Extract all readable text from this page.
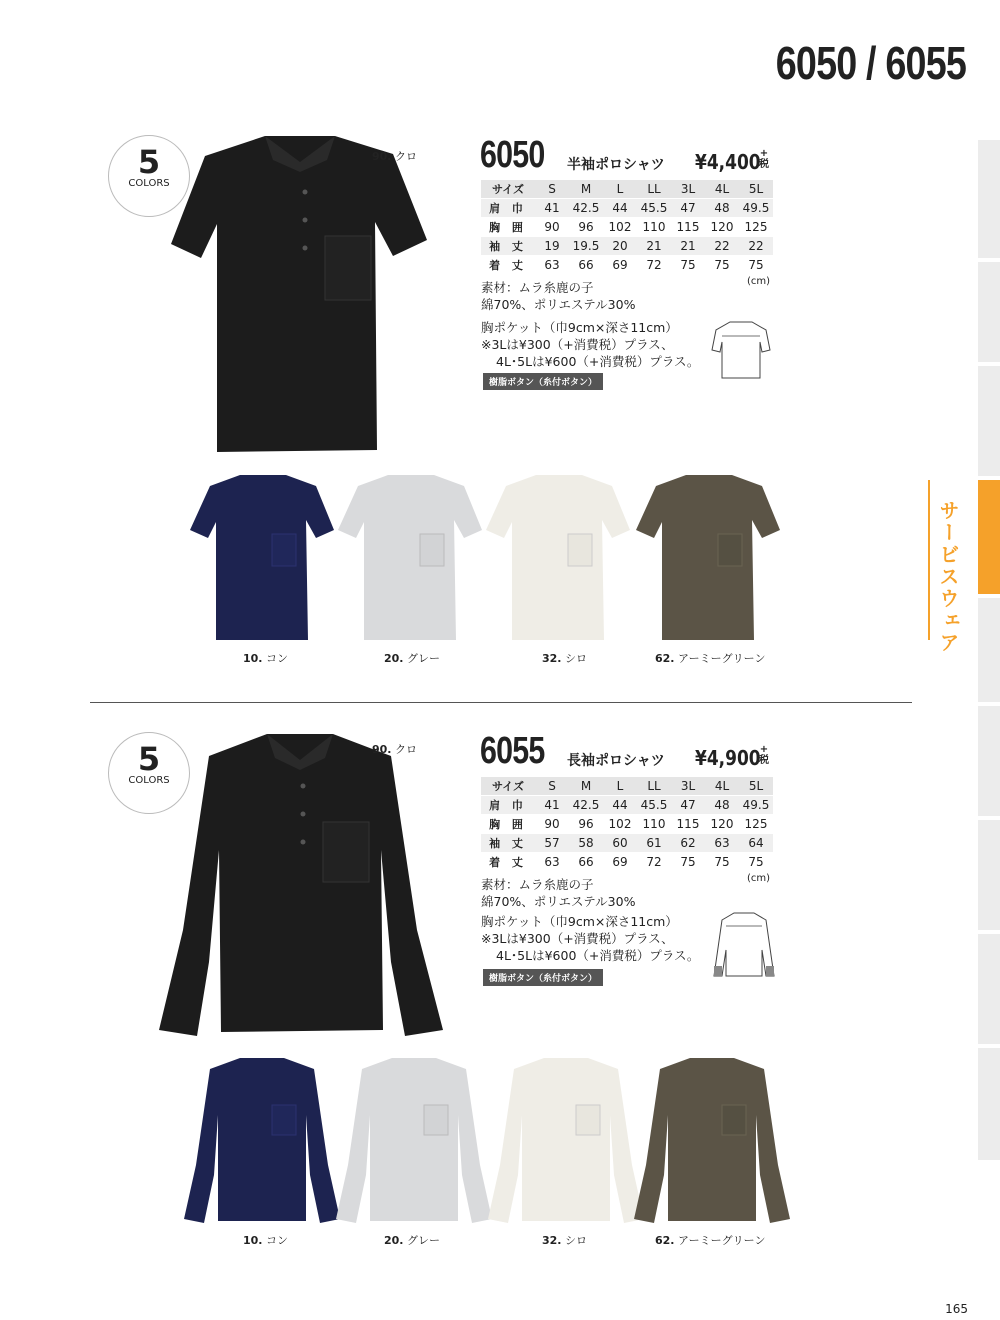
6050 / 6055
サービスウェア
5
COLORS
90. クロ 6050 半袖ポロシャツ ¥4,400 +
税
サイズ	S	M	L	LL	3L	4L	5L
肩 巾	41	42.5	44	45.5	47	48	49.5
胸 囲	90	96	102	110	115	120	125
袖 丈	19	19.5	20	21	21	22	22
着 丈	63	66	69	72	75	75	75
(cm)
素材：ムラ糸鹿の子
綿70%、ポリエステル30%
胸ポケット（巾9cm×深さ11cm）
※3Lは¥300（+消費税）プラス、
4L･5Lは¥600（+消費税）プラス。
樹脂ボタン（糸付ボタン）
10. コン	20. グレー	32. シロ	62. アーミーグリーン
5
COLORS
90. クロ 6055 長袖ポロシャツ ¥4,900 +
税
サイズ	S	M	L	LL	3L	4L	5L
肩 巾	41	42.5	44	45.5	47	48	49.5
胸 囲	90	96	102	110	115	120	125
袖 丈	57	58	60	61	62	63	64
着 丈	63	66	69	72	75	75	75
(cm)
素材：ムラ糸鹿の子
綿70%、ポリエステル30%
胸ポケット（巾9cm×深さ11cm）
※3Lは¥300（+消費税）プラス、
4L･5Lは¥600（+消費税）プラス。
樹脂ボタン（糸付ボタン）
10. コン	20. グレー	32. シロ	62. アーミーグリーン
165
